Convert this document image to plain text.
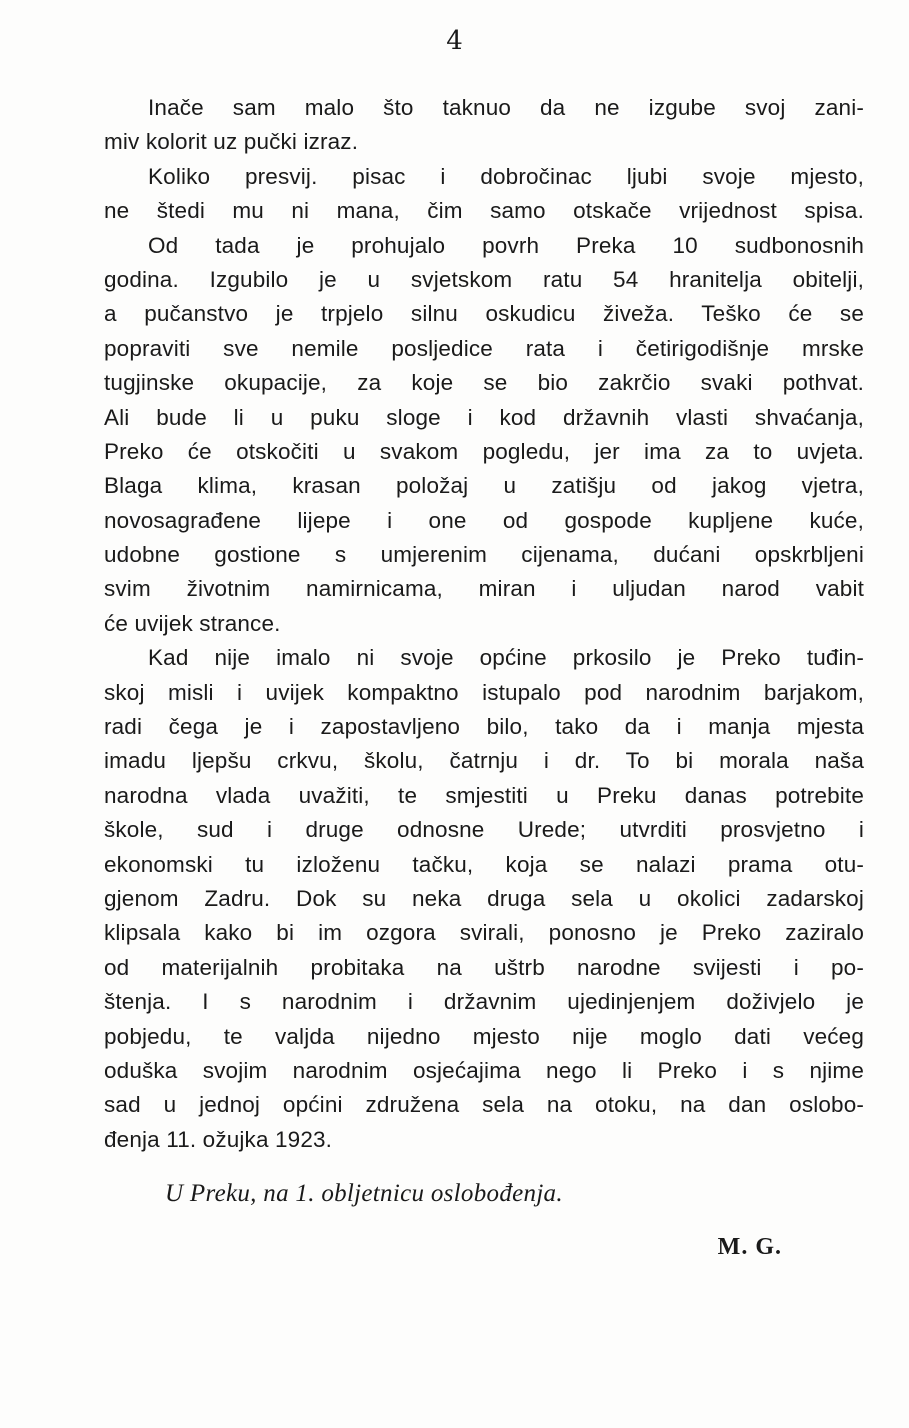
4
Inače sam malo što taknuo da ne izgube svoj zani-
miv kolorit uz pučki izraz.
Koliko presvij. pisac i dobročinac ljubi svoje mjesto,
ne štedi mu ni mana, čim samo otskače vrijednost spisa.
Od tada je prohujalo povrh Preka 10 sudbonosnih
godina. Izgubilo je u svjetskom ratu 54 hranitelja obitelji,
a pučanstvo je trpjelo silnu oskudicu živeža. Teško će se
popraviti sve nemile posljedice rata i četirigodišnje mrske
tugjinske okupacije, za koje se bio zakrčio svaki pothvat.
Ali bude li u puku sloge i kod državnih vlasti shvaćanja,
Preko će otskočiti u svakom pogledu, jer ima za to uvjeta.
Blaga klima, krasan položaj u zatišju od jakog vjetra,
novosagrađene lijepe i one od gospode kupljene kuće,
udobne gostione s umjerenim cijenama, dućani opskrbljeni
svim životnim namirnicama, miran i uljudan narod vabit
će uvijek strance.
Kad nije imalo ni svoje općine prkosilo je Preko tuđin-
skoj misli i uvijek kompaktno istupalo pod narodnim barjakom,
radi čega je i zapostavljeno bilo, tako da i manja mjesta
imadu ljepšu crkvu, školu, čatrnju i dr. To bi morala naša
narodna vlada uvažiti, te smjestiti u Preku danas potrebite
škole, sud i druge odnosne Urede; utvrditi prosvjetno i
ekonomski tu izloženu tačku, koja se nalazi prama otu-
gjenom Zadru. Dok su neka druga sela u okolici zadarskoj
klipsala kako bi im ozgora svirali, ponosno je Preko zaziralo
od materijalnih probitaka na uštrb narodne svijesti i po-
štenja. I s narodnim i državnim ujedinjenjem doživjelo je
pobjedu, te valjda nijedno mjesto nije moglo dati većeg
oduška svojim narodnim osjećajima nego li Preko i s njime
sad u jednoj općini združena sela na otoku, na dan oslobo-
đenja 11. ožujka 1923.
U Preku, na 1. obljetnicu oslobođenja.
M. G.
